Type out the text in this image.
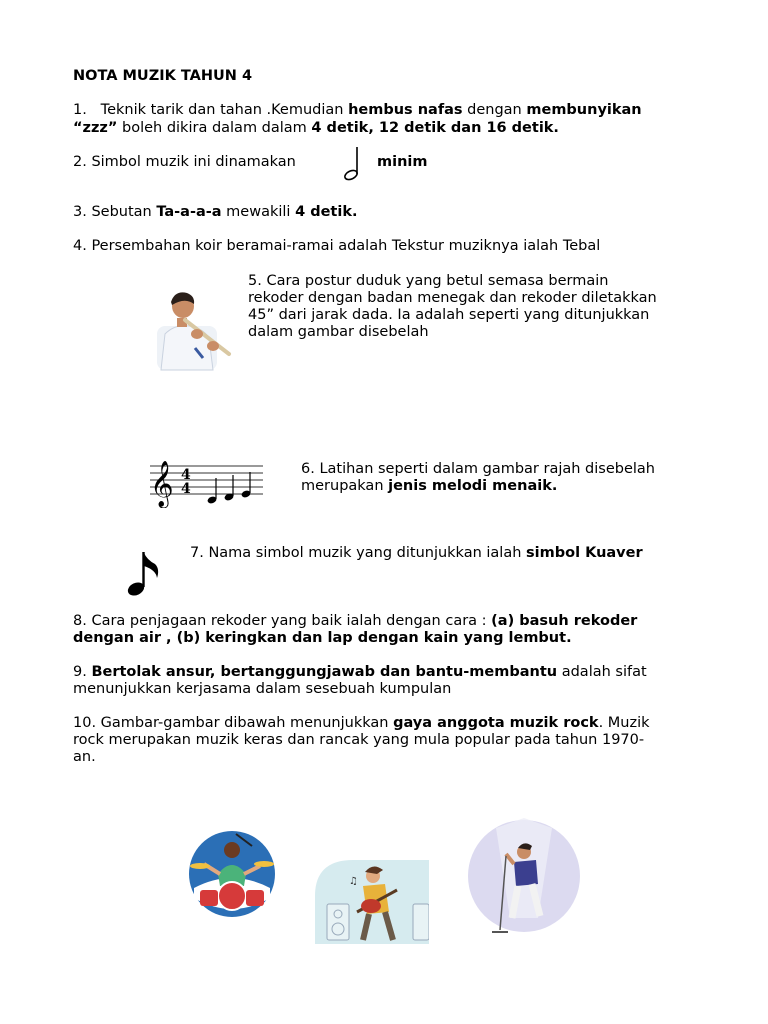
NOTA MUZIK TAHUN 4
1. Teknik tarik dan tahan .Kemudian hembus nafas dengan membunyikan
“zzz” boleh dikira dalam dalam 4 detik, 12 detik dan 16 detik.
2. Simbol muzik ini dinamakan	minim
3. Sebutan Ta-a-a-a mewakili 4 detik.
4. Persembahan koir beramai-ramai adalah Tekstur muziknya ialah Tebal
5. Cara postur duduk yang betul semasa bermain
rekoder dengan badan menegak dan rekoder diletakkan
45” dari jarak dada. Ia adalah seperti yang ditunjukkan
dalam gambar disebelah
𝄞 4
4
6. Latihan seperti dalam gambar rajah disebelah
merupakan jenis melodi menaik.
7. Nama simbol muzik yang ditunjukkan ialah simbol Kuaver
8. Cara penjagaan rekoder yang baik ialah dengan cara : (a) basuh rekoder
dengan air , (b) keringkan dan lap dengan kain yang lembut.
9. Bertolak ansur, bertanggungjawab dan bantu-membantu adalah sifat
menunjukkan kerjasama dalam sesebuah kumpulan
10. Gambar-gambar dibawah menunjukkan gaya anggota muzik rock. Muzik
rock merupakan muzik keras dan rancak yang mula popular pada tahun 1970-
an.
♫
